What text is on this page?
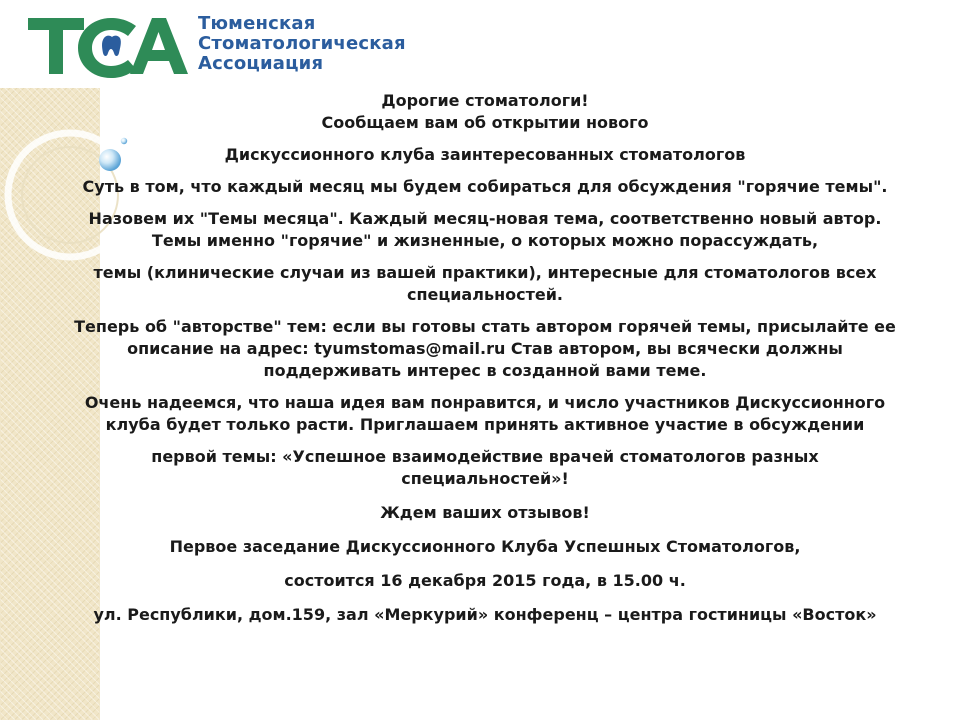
Тюменская
Стоматологическая
Ассоциация

Дорогие стоматологи!

Сообщаем вам об открытии нового

Дискуссионного клуба заинтересованных стоматологов

Суть в том, что каждый месяц мы будем собираться для обсуждения "горячие темы".

Назовем их "Темы месяца". Каждый месяц-новая тема, соответственно новый автор.

Темы именно "горячие" и жизненные, о которых можно порассуждать,

темы (клинические случаи из вашей практики), интересные для стоматологов всех

специальностей.

Теперь об "авторстве" тем: если вы готовы стать автором горячей темы, присылайте ее

описание на адрес: tyumstomas@mail.ru Став автором, вы всячески должны

поддерживать интерес в созданной вами теме.

Очень надеемся, что наша идея вам понравится, и число участников Дискуссионного

клуба будет только расти. Приглашаем принять активное участие в обсуждении

первой темы: «Успешное взаимодействие врачей стоматологов разных

специальностей»!

Ждем ваших отзывов!

Первое заседание Дискуссионного Клуба Успешных Стоматологов,

состоится 16 декабря 2015 года, в 15.00 ч.

ул. Республики, дом.159, зал «Меркурий» конференц – центра гостиницы «Восток»
